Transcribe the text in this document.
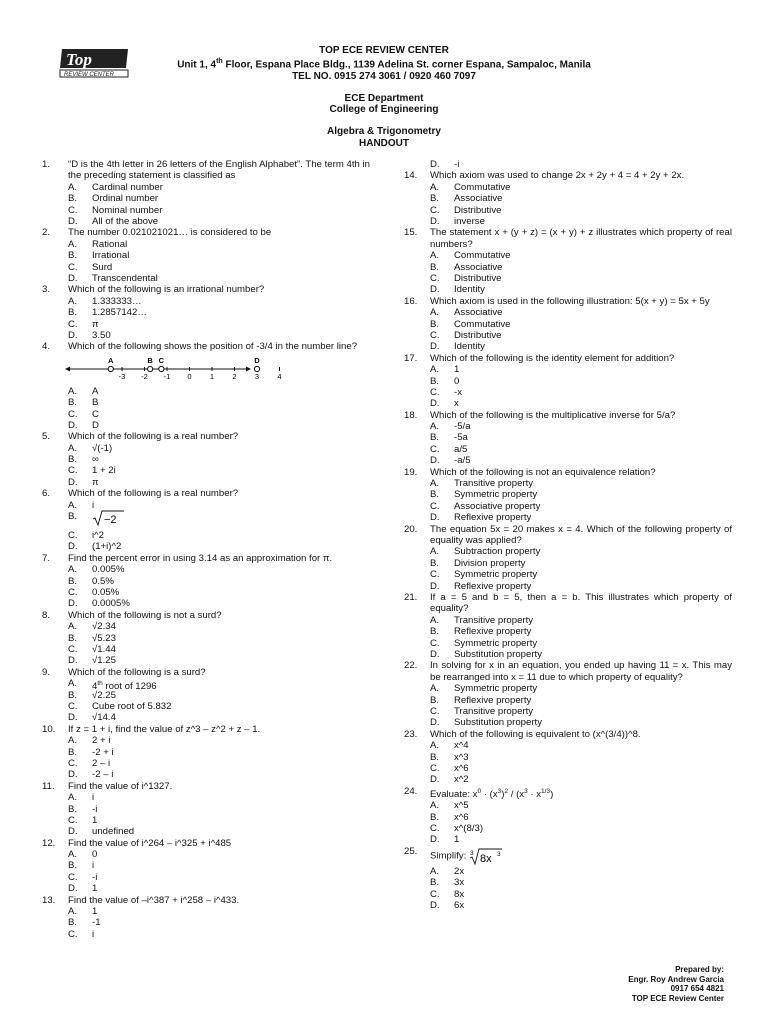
Top
REVIEW CENTER
TOP ECE REVIEW CENTER
Unit 1, 4th Floor, Espana Place Bldg., 1139 Adelina St. corner Espana, Sampaloc, Manila
TEL NO. 0915 274 3061 / 0920 460 7097
ECE Department
College of Engineering
Algebra & Trigonometry
HANDOUT
1. “D is the 4th letter in 26 letters of the English Alphabet”. The term 4th in the preceding statement is classified as
A. Cardinal number
B. Ordinal number
C. Nominal number
D. All of the above
2. The number 0.021021021… is considered to be
A. Rational
B. Irrational
C. Surd
D. Transcendental
3. Which of the following is an irrational number?
A. 1.333333…
B. 1.2857142…
C. π
D. 3.50
4. Which of the following shows the position of -3/4 in the number line?
-3 -2 -1 0 1 2 3 4
A	B C	D
A. A
B. B
C. C
D. D
5. Which of the following is a real number?
A. √(-1)
B. ∞
C. 1 + 2i
D. π
6. Which of the following is a real number?
A. i
B. −2
C. i^2
D. (1+i)^2
7. Find the percent error in using 3.14 as an approximation for π.
A. 0.005%
B. 0.5%
C. 0.05%
D. 0.0005%
8. Which of the following is not a surd?
A. √2.34
B. √5.23
C. √1.44
D. √1.25
9. Which of the following is a surd?
A. 4th root of 1296
B. √2.25
C. Cube root of 5.832
D. √14.4
10. If z = 1 + i, find the value of z^3 – z^2 + z – 1.
A. 2 + i
B. -2 + i
C. 2 – i
D. -2 – i
11. Find the value of i^1327.
A. i
B. -i
C. 1
D. undefined
12. Find the value of i^264 – i^325 + i^485
A. 0
B. i
C. -i
D. 1
13. Find the value of –i^387 + i^258 – i^433.
A. 1
B. -1
C. i
D. -i
14. Which axiom was used to change 2x + 2y + 4 = 4 + 2y + 2x.
A. Commutative
B. Associative
C. Distributive
D. inverse
15. The statement x + (y + z) = (x + y) + z illustrates which property of real numbers?
A. Commutative
B. Associative
C. Distributive
D. Identity
16. Which axiom is used in the following illustration: 5(x + y) = 5x + 5y
A. Associative
B. Commutative
C. Distributive
D. Identity
17. Which of the following is the identity element for addition?
A. 1
B. 0
C. -x
D. x
18. Which of the following is the multiplicative inverse for 5/a?
A. -5/a
B. -5a
C. a/5
D. -a/5
19. Which of the following is not an equivalence relation?
A. Transitive property
B. Symmetric property
C. Associative property
D. Reflexive property
20. The equation 5x = 20 makes x = 4. Which of the following property of equality was applied?
A. Subtraction property
B. Division property
C. Symmetric property
D. Reflexive property
21. If a = 5 and b = 5, then a = b. This illustrates which property of equality?
A. Transitive property
B. Reflexive property
C. Symmetric property
D. Substitution property
22. In solving for x in an equation, you ended up having 11 = x. This may be rearranged into x = 11 due to which property of equality?
A. Symmetric property
B. Reflexive property
C. Transitive property
D. Substitution property
23. Which of the following is equivalent to (x^(3/4))^8.
A. x^4
B. x^3
C. x^6
D. x^2
24. Evaluate: $x^0 \cdot (x^3)^2 / (x^3 \cdot x^{1/3})$
A. x^5
B. x^6
C. x^(8/3)
D. 1
25. Simplify: 3 8x 3
A. 2x
B. 3x
C. 8x
D. 6x
Prepared by:
Engr. Roy Andrew Garcia
0917 654 4821
TOP ECE Review Center
